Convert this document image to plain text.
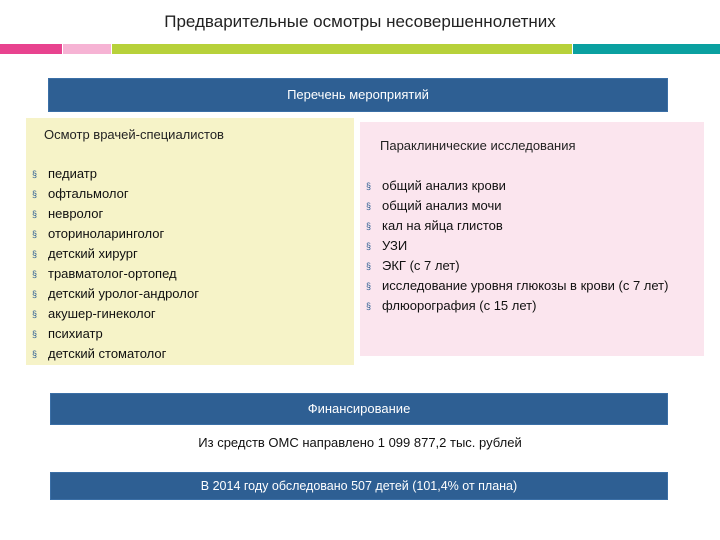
Предварительные осмотры несовершеннолетних
Перечень мероприятий
Осмотр врачей-специалистов
§ педиатр
§ офтальмолог
§ невролог
§ оториноларинголог
§ детский хирург
§ травматолог-ортопед
§ детский уролог-андролог
§ акушер-гинеколог
§ психиатр
§ детский стоматолог
Параклинические исследования
§ общий анализ крови
§ общий анализ мочи
§ кал на яйца глистов
§ УЗИ
§ ЭКГ (с 7 лет)
§ исследование уровня глюкозы в крови (с 7 лет)
§ флюорография (с 15 лет)
Финансирование
Из средств ОМС направлено 1 099 877,2 тыс. рублей
В 2014 году обследовано 507 детей (101,4% от плана)
